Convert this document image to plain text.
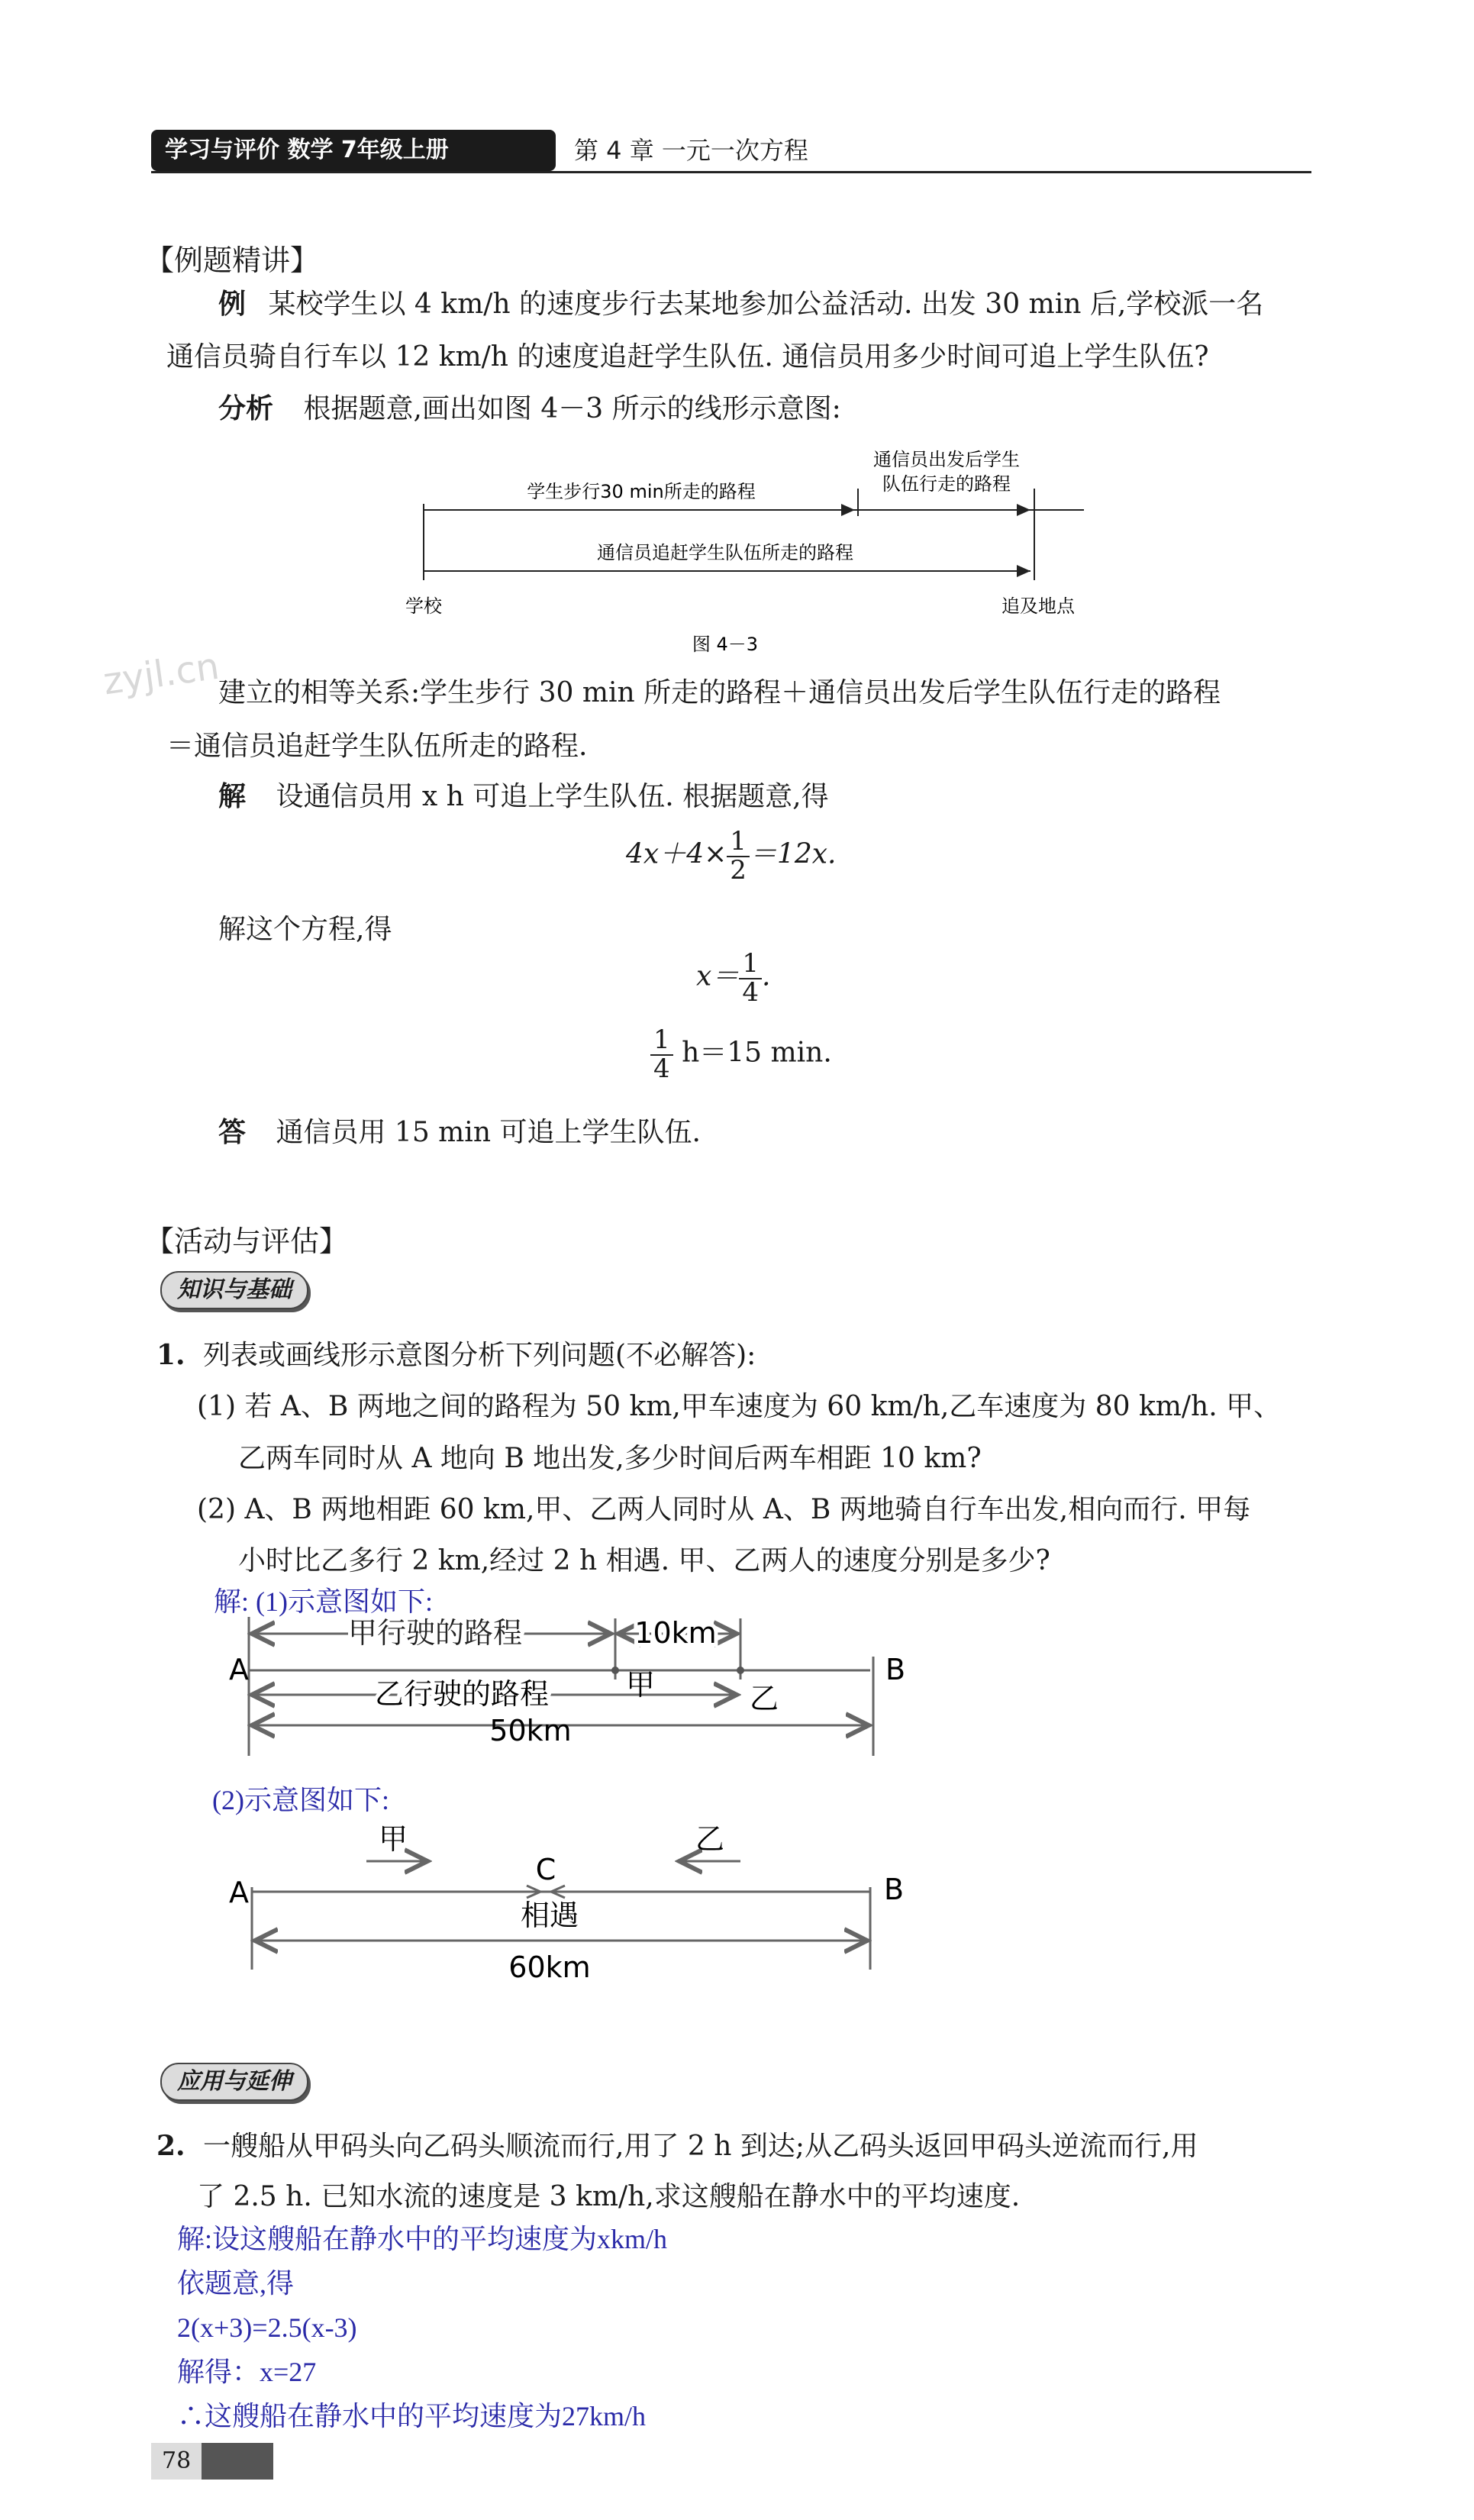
学习与评价 数学 7年级上册	第 4 章 一元一次方程
【例题精讲】
例 某校学生以 4 km/h 的速度步行去某地参加公益活动. 出发 30 min 后,学校派一名
通信员骑自行车以 12 km/h 的速度追赶学生队伍. 通信员用多少时间可追上学生队伍?
分析 根据题意,画出如图 4－3 所示的线形示意图:
学生步行30 min所走的路程
通信员出发后学生
队伍行走的路程
通信员追赶学生队伍所走的路程
学校	追及地点
图 4－3
zyjl.cn
建立的相等关系:学生步行 30 min 所走的路程＋通信员出发后学生队伍行走的路程
＝通信员追赶学生队伍所走的路程.
解 设通信员用 x h 可追上学生队伍. 根据题意,得
$4x+4\times \frac{1}{2} =12x$.
解这个方程,得
$x= \frac{1}{4}$ .
$\frac{1}{4} h=15$ min.
答 通信员用 15 min 可追上学生队伍.
【活动与评估】
知识与基础
1. 列表或画线形示意图分析下列问题(不必解答):
(1) 若 A、B 两地之间的路程为 50 km,甲车速度为 60 km/h,乙车速度为 80 km/h. 甲、
乙两车同时从 A 地向 B 地出发,多少时间后两车相距 10 km?
(2) A、B 两地相距 60 km,甲、乙两人同时从 A、B 两地骑自行车出发,相向而行. 甲每
小时比乙多行 2 km,经过 2 h 相遇. 甲、乙两人的速度分别是多少?
解: (1)示意图如下:
A	B
甲行驶的路程	10km
甲
乙行驶的路程	乙
50km
(2)示意图如下:
A	B
C
甲	乙
相遇
60km
应用与延伸
2. 一艘船从甲码头向乙码头顺流而行,用了 2 h 到达;从乙码头返回甲码头逆流而行,用
了 2.5 h. 已知水流的速度是 3 km/h,求这艘船在静水中的平均速度.
解:设这艘船在静水中的平均速度为xkm/h
依题意,得
2(x+3)=2.5(x-3)
解得：x=27
∴这艘船在静水中的平均速度为27km/h
78
